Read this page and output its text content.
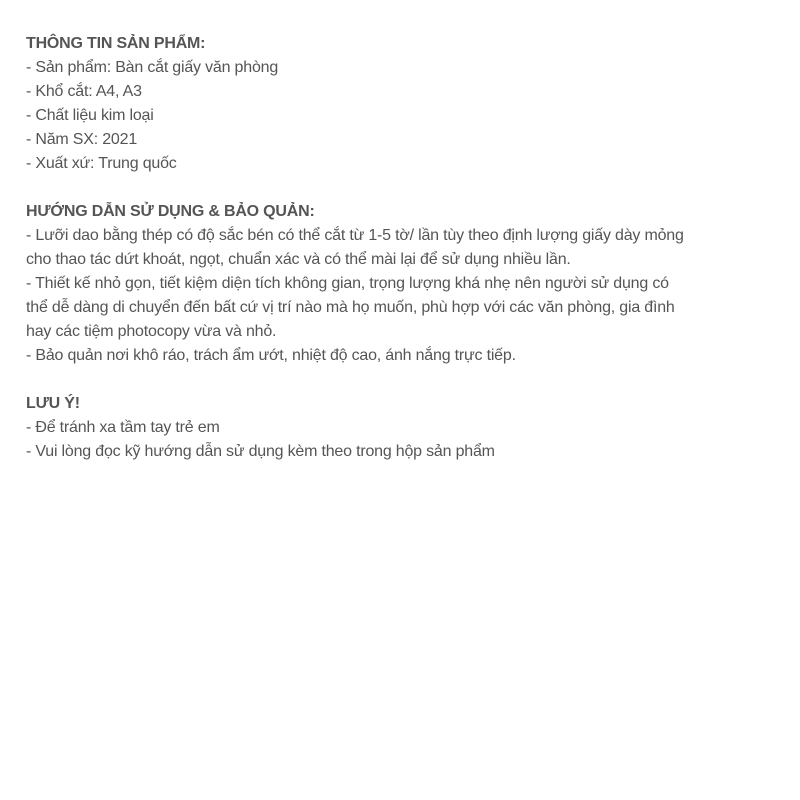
THÔNG TIN SẢN PHẨM:

- Sản phẩm: Bàn cắt giấy văn phòng

- Khổ cắt: A4, A3

- Chất liệu kim loại

- Năm SX: 2021

- Xuất xứ: Trung quốc

HƯỚNG DẪN SỬ DỤNG & BẢO QUẢN:

- Lưỡi dao bằng thép có độ sắc bén có thể cắt từ 1-5 tờ/ lần tùy theo định lượng giấy dày mỏng

cho thao tác dứt khoát, ngọt, chuẩn xác và có thể mài lại để sử dụng nhiều lần.

- Thiết kế nhỏ gọn, tiết kiệm diện tích không gian, trọng lượng khá nhẹ nên người sử dụng có

thể dễ dàng di chuyển đến bất cứ vị trí nào mà họ muốn, phù hợp với các văn phòng, gia đình

hay các tiệm photocopy vừa và nhỏ.

- Bảo quản nơi khô ráo, trách ẩm ướt, nhiệt độ cao, ánh nắng trực tiếp.

LƯU Ý!

- Để tránh xa tầm tay trẻ em

- Vui lòng đọc kỹ hướng dẫn sử dụng kèm theo trong hộp sản phẩm
